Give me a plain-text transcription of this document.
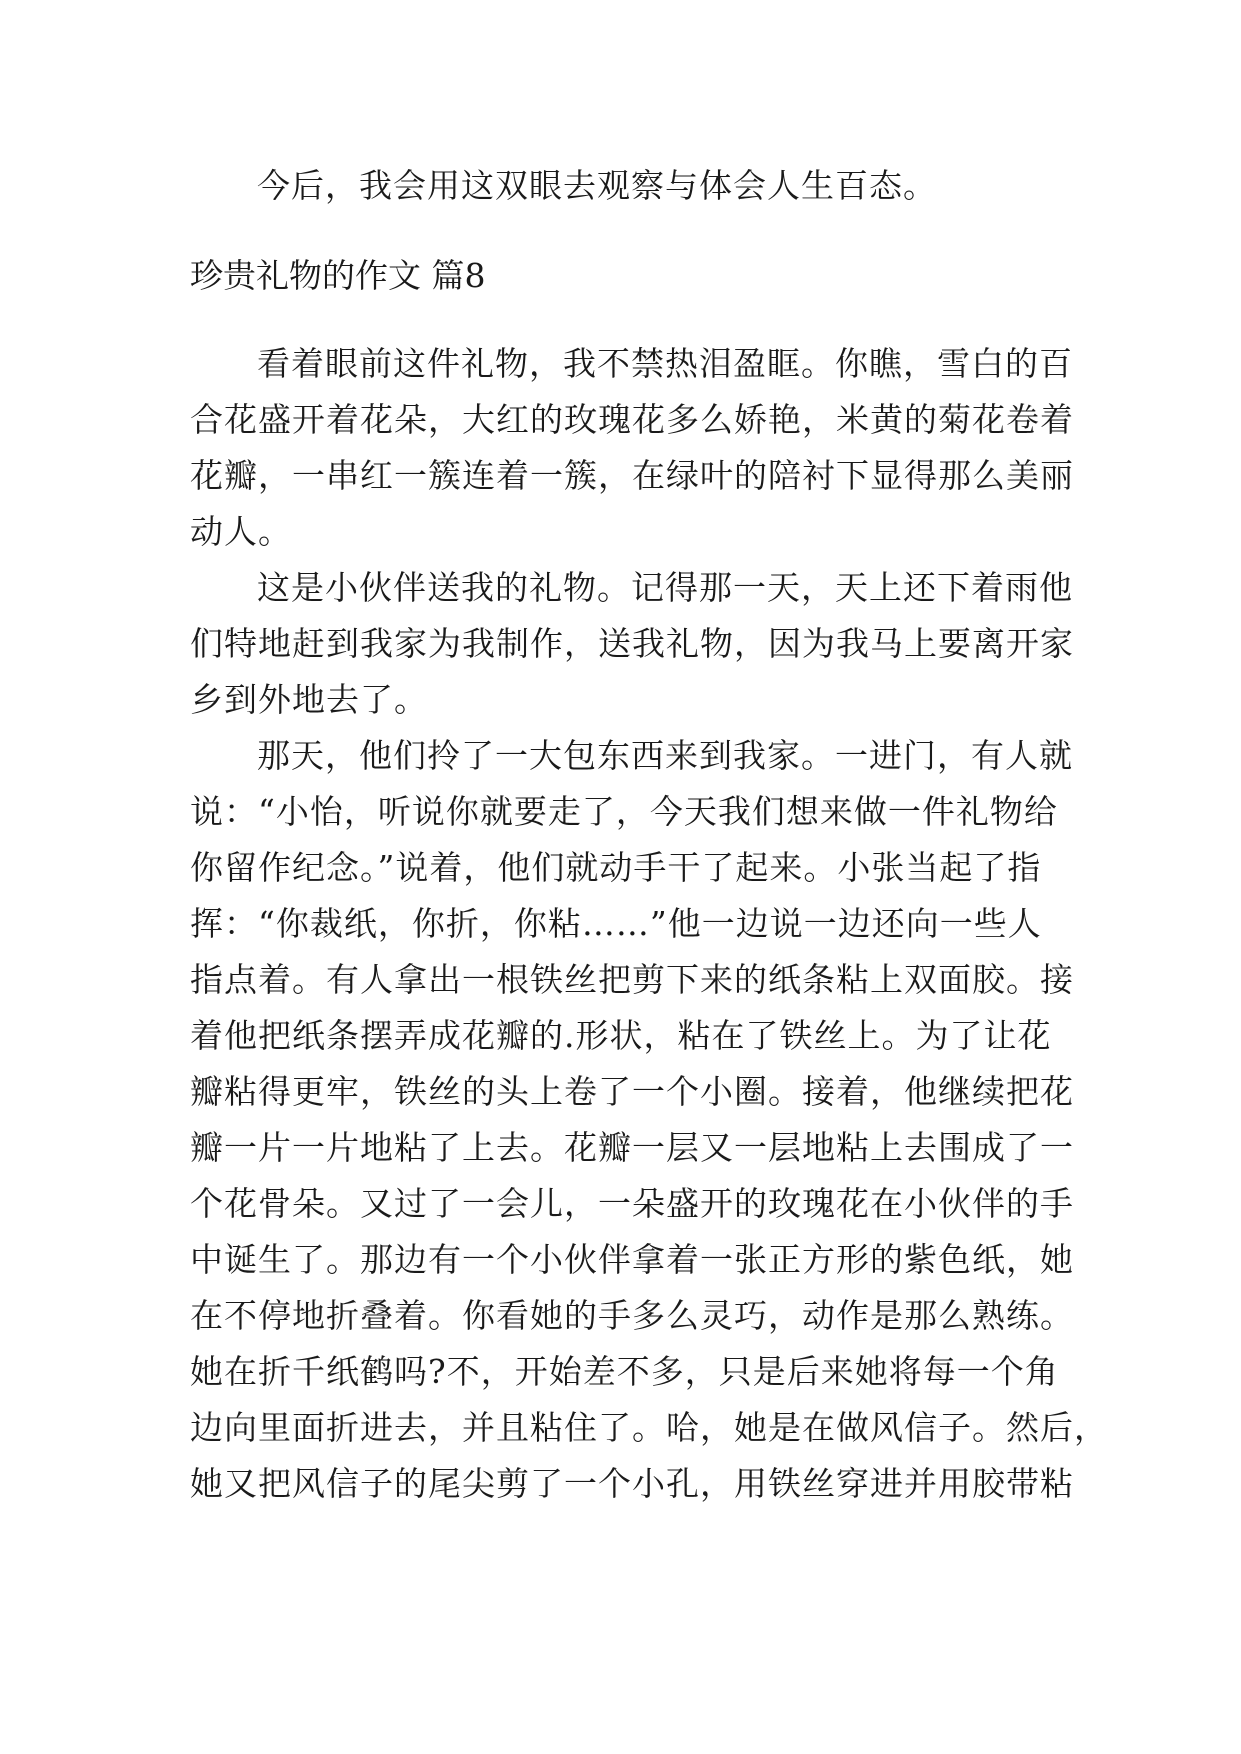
今后，我会用这双眼去观察与体会人生百态。
珍贵礼物的作文 篇8
看着眼前这件礼物，我不禁热泪盈眶。你瞧，雪白的百
合花盛开着花朵，大红的玫瑰花多么娇艳，米黄的菊花卷着
花瓣，一串红一簇连着一簇，在绿叶的陪衬下显得那么美丽
动人。
这是小伙伴送我的礼物。记得那一天，天上还下着雨他
们特地赶到我家为我制作，送我礼物，因为我马上要离开家
乡到外地去了。
那天，他们拎了一大包东西来到我家。一进门，有人就
说：“小怡，听说你就要走了，今天我们想来做一件礼物给
你留作纪念。”说着，他们就动手干了起来。小张当起了指
挥：“你裁纸，你折，你粘……”他一边说一边还向一些人
指点着。有人拿出一根铁丝把剪下来的纸条粘上双面胶。接
着他把纸条摆弄成花瓣的.形状，粘在了铁丝上。为了让花
瓣粘得更牢，铁丝的头上卷了一个小圈。接着，他继续把花
瓣一片一片地粘了上去。花瓣一层又一层地粘上去围成了一
个花骨朵。又过了一会儿，一朵盛开的玫瑰花在小伙伴的手
中诞生了。那边有一个小伙伴拿着一张正方形的紫色纸，她
在不停地折叠着。你看她的手多么灵巧，动作是那么熟练。
她在折千纸鹤吗?不，开始差不多，只是后来她将每一个角
边向里面折进去，并且粘住了。哈，她是在做风信子。然后，
她又把风信子的尾尖剪了一个小孔，用铁丝穿进并用胶带粘
